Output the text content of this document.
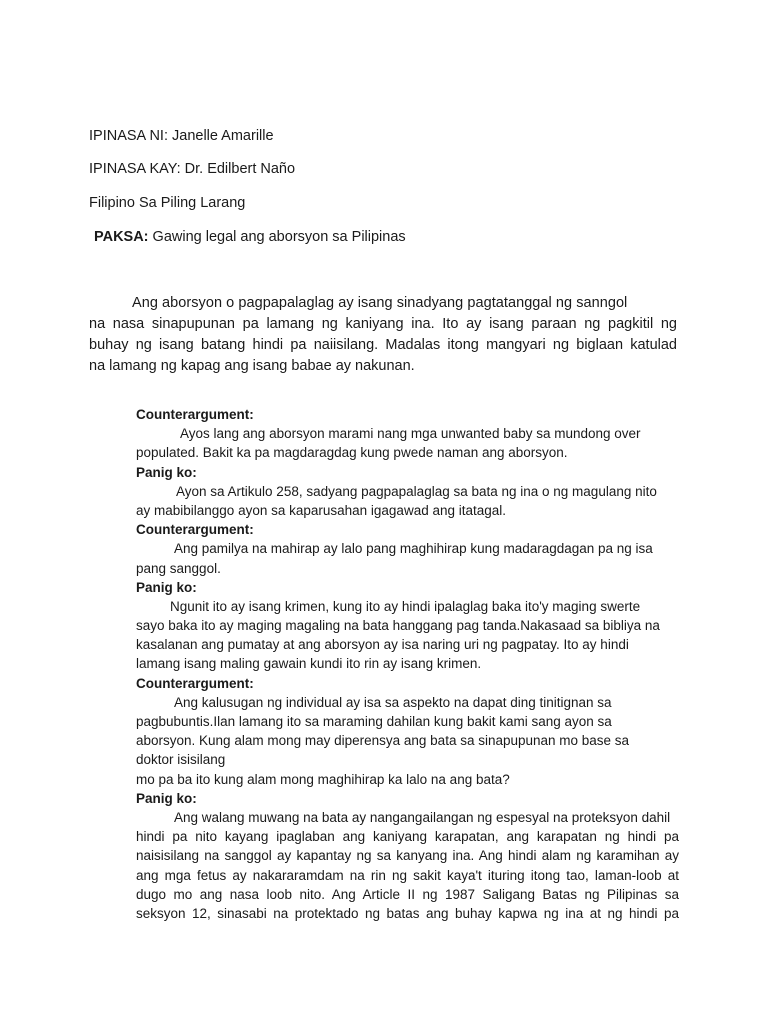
IPINASA NI: Janelle Amarille
IPINASA KAY: Dr. Edilbert Naño
Filipino Sa Piling Larang
PAKSA: Gawing legal ang aborsyon sa Pilipinas
Ang aborsyon o pagpapalaglag ay isang sinadyang pagtatanggal ng sanngol
na nasa sinapupunan pa lamang ng kaniyang ina. Ito ay isang paraan ng pagkitil ng
buhay ng isang batang hindi pa naiisilang. Madalas itong mangyari ng biglaan katulad
na lamang ng kapag ang isang babae ay nakunan.
Counterargument:
Ayos lang ang aborsyon marami nang mga unwanted baby sa mundong over
populated. Bakit ka pa magdaragdag kung pwede naman ang aborsyon.
Panig ko:
Ayon sa Artikulo 258, sadyang pagpapalaglag sa bata ng ina o ng magulang nito
ay mabibilanggo ayon sa kaparusahan igagawad ang itatagal.
Counterargument:
Ang pamilya na mahirap ay lalo pang maghihirap kung madaragdagan pa ng isa
pang sanggol.
Panig ko:
Ngunit ito ay isang krimen, kung ito ay hindi ipalaglag baka ito'y maging swerte
sayo baka ito ay maging magaling na bata hanggang pag tanda.Nakasaad sa bibliya na
kasalanan ang pumatay at ang aborsyon ay isa naring uri ng pagpatay. Ito ay hindi
lamang isang maling gawain kundi ito rin ay isang krimen.
Counterargument:
Ang kalusugan ng individual ay isa sa aspekto na dapat ding tinitignan sa
pagbubuntis.Ilan lamang ito sa maraming dahilan kung bakit kami sang ayon sa
aborsyon. Kung alam mong may diperensya ang bata sa sinapupunan mo base sa
doktor isisilang
mo pa ba ito kung alam mong maghihirap ka lalo na ang bata?
Panig ko:
Ang walang muwang na bata ay nangangailangan ng espesyal na proteksyon dahil
hindi pa nito kayang ipaglaban ang kaniyang karapatan, ang karapatan ng hindi pa
naisisilang na sanggol ay kapantay ng sa kanyang ina. Ang hindi alam ng karamihan ay
ang mga fetus ay nakararamdam na rin ng sakit kaya't ituring itong tao, laman-loob at
dugo mo ang nasa loob nito. Ang Article II ng 1987 Saligang Batas ng Pilipinas sa
seksyon 12, sinasabi na protektado ng batas ang buhay kapwa ng ina at ng hindi pa
